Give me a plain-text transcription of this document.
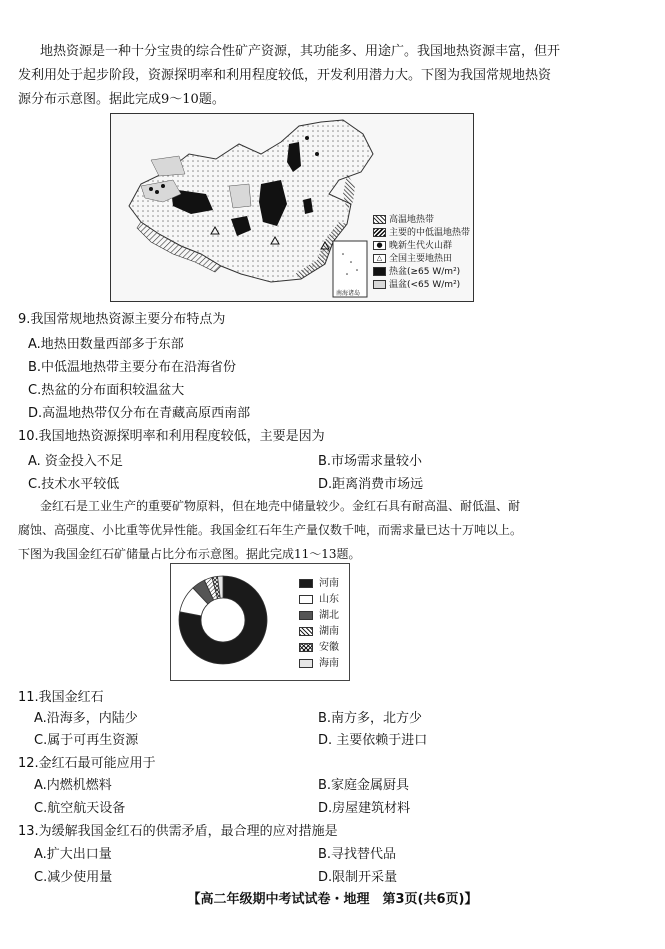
地热资源是一种十分宝贵的综合性矿产资源，其功能多、用途广。我国地热资源丰富，但开
发利用处于起步阶段，资源探明率和利用程度较低，开发利用潜力大。下图为我国常规地热资
源分布示意图。据此完成9～10题。
南海诸岛
高温地热带
主要的中低温地热带
● 晚新生代火山群
△ 全国主要地热田
热盆(≥65 W/m²)
温盆(<65 W/m²)
9.我国常规地热资源主要分布特点为
A.地热田数量西部多于东部
B.中低温地热带主要分布在沿海省份
C.热盆的分布面积较温盆大
D.高温地热带仅分布在青藏高原西南部
10.我国地热资源探明率和利用程度较低，主要是因为
A. 资金投入不足	B.市场需求量较小
C.技术水平较低	D.距离消费市场远
金红石是工业生产的重要矿物原料，但在地壳中储量较少。金红石具有耐高温、耐低温、耐
腐蚀、高强度、小比重等优异性能。我国金红石年生产量仅数千吨，而需求量已达十万吨以上。
下图为我国金红石矿储量占比分布示意图。据此完成11～13题。
河南
山东
湖北
湖南
安徽
海南
11.我国金红石
A.沿海多，内陆少	B.南方多，北方少
C.属于可再生资源	D. 主要依赖于进口
12.金红石最可能应用于
A.内燃机燃料	B.家庭金属厨具
C.航空航天设备	D.房屋建筑材料
13.为缓解我国金红石的供需矛盾，最合理的应对措施是
A.扩大出口量	B.寻找替代品
C.减少使用量	D.限制开采量
【高二年级期中考试试卷・地理　第3页(共6页)】
